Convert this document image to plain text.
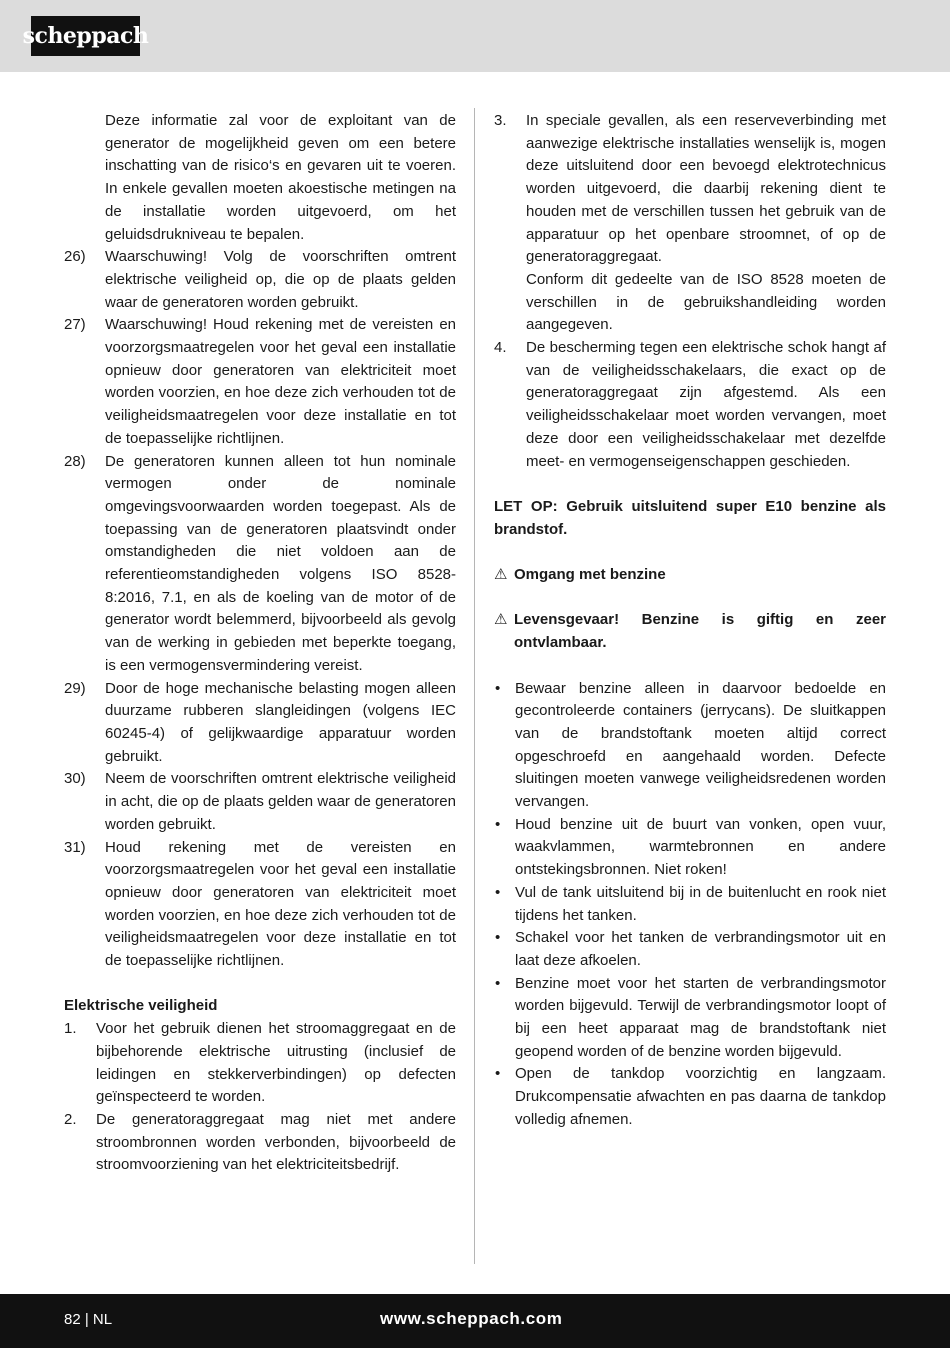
scheppach

Deze informatie zal voor de exploitant van de generator de mogelijkheid geven om een betere inschatting van de risico‘s en gevaren uit te voeren. In enkele gevallen moeten akoestische metingen na de installatie worden uitgevoerd, om het geluidsdrukniveau te bepalen.

26)	Waarschuwing! Volg de voorschriften omtrent elektrische veiligheid op, die op de plaats gelden waar de generatoren worden gebruikt.
27)	Waarschuwing! Houd rekening met de vereisten en voorzorgsmaatregelen voor het geval een installatie opnieuw door generatoren van elektriciteit moet worden voorzien, en hoe deze zich verhouden tot de veiligheidsmaatregelen voor deze installatie en tot de toepasselijke richtlijnen.
28)	De generatoren kunnen alleen tot hun nominale vermogen onder de nominale omgevingsvoorwaarden worden toegepast. Als de toepassing van de generatoren plaatsvindt onder omstandigheden die niet voldoen aan de referentieomstandigheden volgens ISO 8528-8:2016, 7.1, en als de koeling van de motor of de generator wordt belemmerd, bijvoorbeeld als gevolg van de werking in gebieden met beperkte toegang, is een vermogensvermindering vereist.
29)	Door de hoge mechanische belasting mogen alleen duurzame rubberen slangleidingen (volgens IEC 60245-4) of gelijkwaardige apparatuur worden gebruikt.
30)	Neem de voorschriften omtrent elektrische veiligheid in acht, die op de plaats gelden waar de generatoren worden gebruikt.
31)	Houd rekening met de vereisten en voorzorgsmaatregelen voor het geval een installatie opnieuw door generatoren van elektriciteit moet worden voorzien, en hoe deze zich verhouden tot de veiligheidsmaatregelen voor deze installatie en tot de toepasselijke richtlijnen.
Elektrische veiligheid
1.	Voor het gebruik dienen het stroomaggregaat en de bijbehorende elektrische uitrusting (inclusief de leidingen en stekkerverbindingen) op defecten geïnspecteerd te worden.
2.	De generatoraggregaat mag niet met andere stroombronnen worden verbonden, bijvoorbeeld de stroomvoorziening van het elektriciteitsbedrijf.
3.	In speciale gevallen, als een reserveverbinding met aanwezige elektrische installaties wenselijk is, mogen deze uitsluitend door een bevoegd elektrotechnicus worden uitgevoerd, die daarbij rekening dient te houden met de verschillen tussen het gebruik van de apparatuur op het openbare stroomnet, of op de generatoraggregaat.

Conform dit gedeelte van de ISO 8528 moeten de verschillen in de gebruikshandleiding worden aangegeven.

4.	De bescherming tegen een elektrische schok hangt af van de veiligheidsschakelaars, die exact op de generatoraggregaat zijn afgestemd. Als een veiligheidsschakelaar moet worden vervangen, moet deze door een veiligheidsschakelaar met dezelfde meet- en vermogenseigenschappen geschieden.

LET OP: Gebruik uitsluitend super E10 benzine als brandstof.

⚠ Omgang met benzine
⚠ Levensgevaar! Benzine is giftig en zeer ontvlambaar.
• Bewaar benzine alleen in daarvoor bedoelde en gecontroleerde containers (jerrycans). De sluitkappen van de brandstoftank moeten altijd correct opgeschroefd en aangehaald worden. Defecte sluitingen moeten vanwege veiligheidsredenen worden vervangen.
• Houd benzine uit de buurt van vonken, open vuur, waakvlammen, warmtebronnen en andere ontstekingsbronnen. Niet roken!
• Vul de tank uitsluitend bij in de buitenlucht en rook niet tijdens het tanken.
• Schakel voor het tanken de verbrandingsmotor uit en laat deze afkoelen.
• Benzine moet voor het starten de verbrandingsmotor worden bijgevuld. Terwijl de verbrandingsmotor loopt of bij een heet apparaat mag de brandstoftank niet geopend worden of de benzine worden bijgevuld.
• Open de tankdop voorzichtig en langzaam. Drukcompensatie afwachten en pas daarna de tankdop volledig afnemen.
82 | NL	www.scheppach.com
